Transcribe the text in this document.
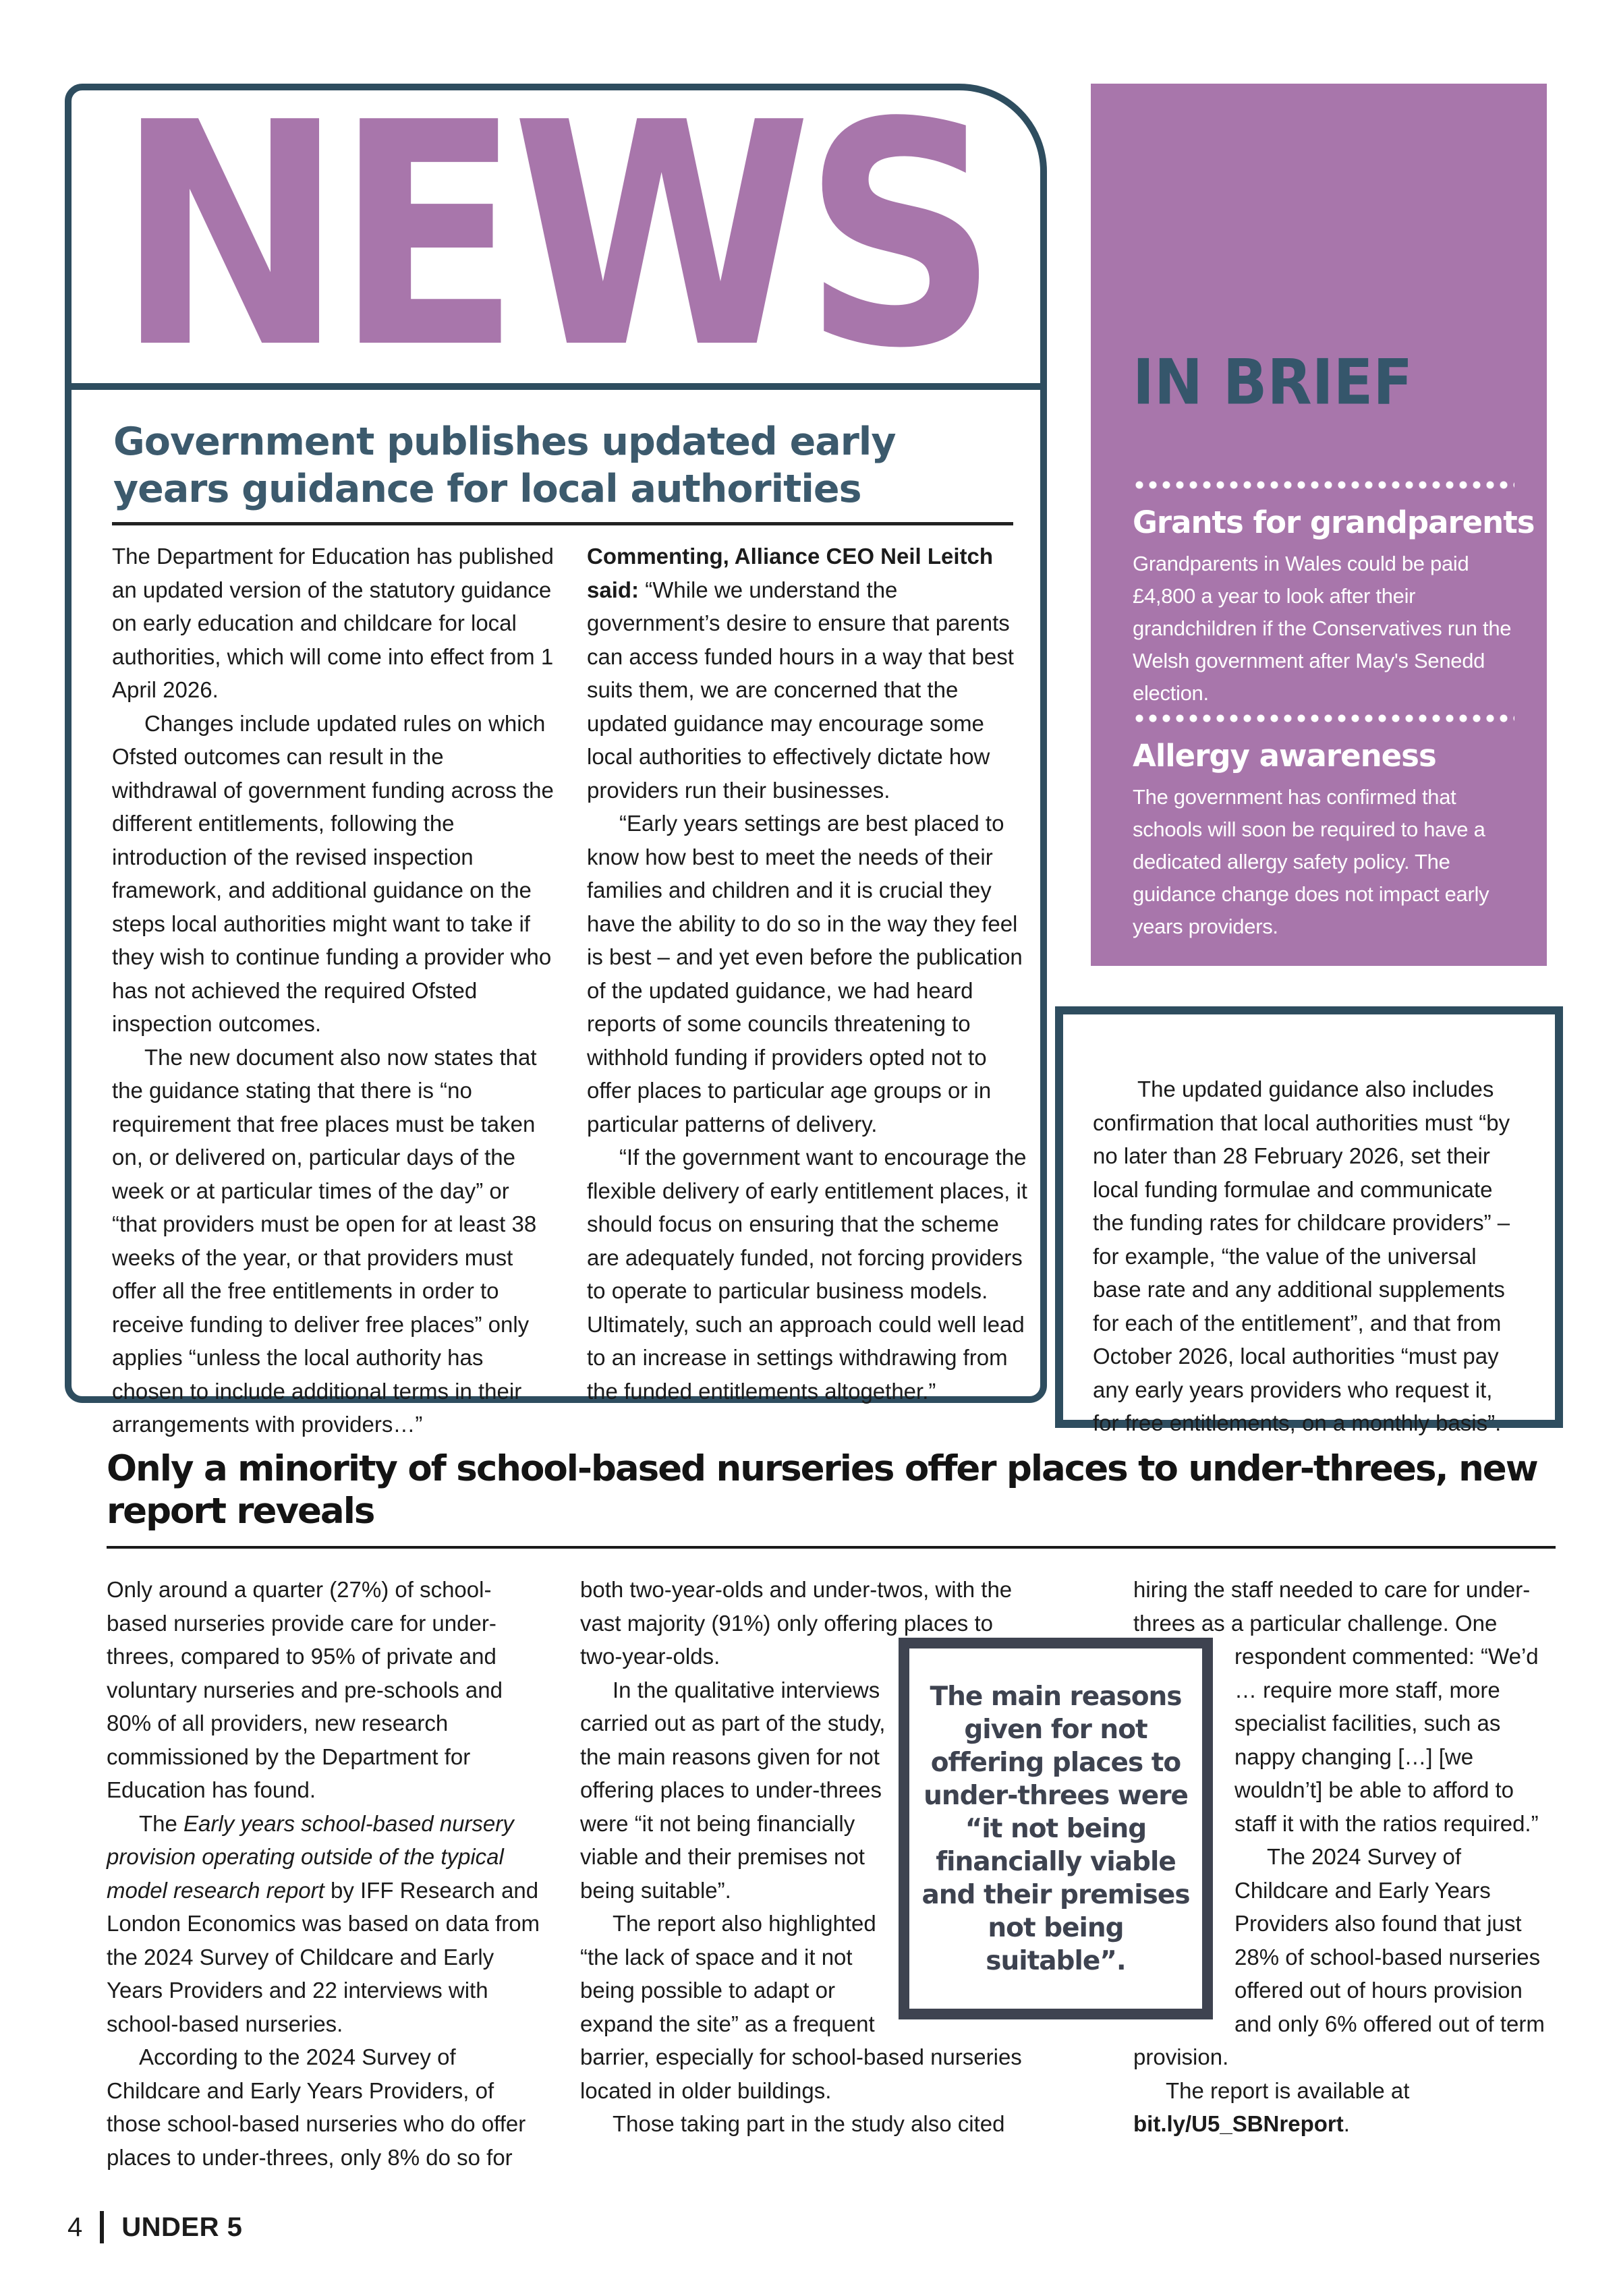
NEWS
Government publishes updated early years guidance for local authorities

The Department for Education has published an updated version of the statutory guidance on early education and childcare for local authorities, which will come into effect from 1 April 2026.

Changes include updated rules on which Ofsted outcomes can result in the withdrawal of government funding across the different entitlements, following the introduction of the revised inspection framework, and additional guidance on the steps local authorities might want to take if they wish to continue funding a provider who has not achieved the required Ofsted inspection outcomes.

The new document also now states that the guidance stating that there is “no requirement that free places must be taken on, or delivered on, particular days of the week or at particular times of the day” or “that providers must be open for at least 38 weeks of the year, or that providers must offer all the free entitlements in order to receive funding to deliver free places” only applies “unless the local authority has chosen to include additional terms in their arrangements with providers…”

Commenting, Alliance CEO Neil Leitch said: “While we understand the government’s desire to ensure that parents can access funded hours in a way that best suits them, we are concerned that the updated guidance may encourage some local authorities to effectively dictate how providers run their businesses.

“Early years settings are best placed to know how best to meet the needs of their families and children and it is crucial they have the ability to do so in the way they feel is best – and yet even before the publication of the updated guidance, we had heard reports of some councils threatening to withhold funding if providers opted not to offer places to particular age groups or in particular patterns of delivery.

“If the government want to encourage the flexible delivery of early entitlement places, it should focus on ensuring that the scheme are adequately funded, not forcing providers to operate to particular business models. Ultimately, such an approach could well lead to an increase in settings withdrawing from the funded entitlements altogether.”

IN BRIEF
Grants for grandparents

Grandparents in Wales could be paid £4,800 a year to look after their grandchildren if the Conservatives run the Welsh government after May's Senedd election.

Allergy awareness

The government has confirmed that schools will soon be required to have a dedicated allergy safety policy. The guidance change does not impact early years providers.

The updated guidance also includes confirmation that local authorities must “by no later than 28 February 2026, set their local funding formulae and communicate the funding rates for childcare providers” – for example, “the value of the universal base rate and any additional supplements for each of the entitlement”, and that from October 2026, local authorities “must pay any early years providers who request it, for free entitlements, on a monthly basis”.

Only a minority of school-based nurseries offer places to under-threes, new report reveals

Only around a quarter (27%) of school-based nurseries provide care for under-threes, compared to 95% of private and voluntary nurseries and pre-schools and 80% of all providers, new research commissioned by the Department for Education has found.

The Early years school-based nursery provision operating outside of the typical model research report by IFF Research and London Economics was based on data from the 2024 Survey of Childcare and Early Years Providers and 22 interviews with school-based nurseries.

According to the 2024 Survey of Childcare and Early Years Providers, of those school-based nurseries who do offer places to under-threes, only 8% do so for

both two-year-olds and under-twos, with the vast majority (91%) only offering places to two-year-olds.

In the qualitative interviews carried out as part of the study, the main reasons given for not offering places to under-threes were “it not being financially viable and their premises not being suitable”.

The report also highlighted “the lack of space and it not being possible to adapt or expand the site” as a frequent barrier, especially for school-based nurseries located in older buildings.

Those taking part in the study also cited

hiring the staff needed to care for under-threes as a particular challenge. One

respondent commented: “We’d … require more staff, more specialist facilities, such as nappy changing […] [we wouldn’t] be able to afford to staff it with the ratios required.”

The 2024 Survey of Childcare and Early Years Providers also found that just 28% of school-based nurseries offered out of hours provision and only 6% offered out of term provision.

The report is available at bit.ly/U5_SBNreport.

The main reasons given for not offering places to under-threes were “it not being financially viable and their premises not being suitable”.

4 UNDER 5
